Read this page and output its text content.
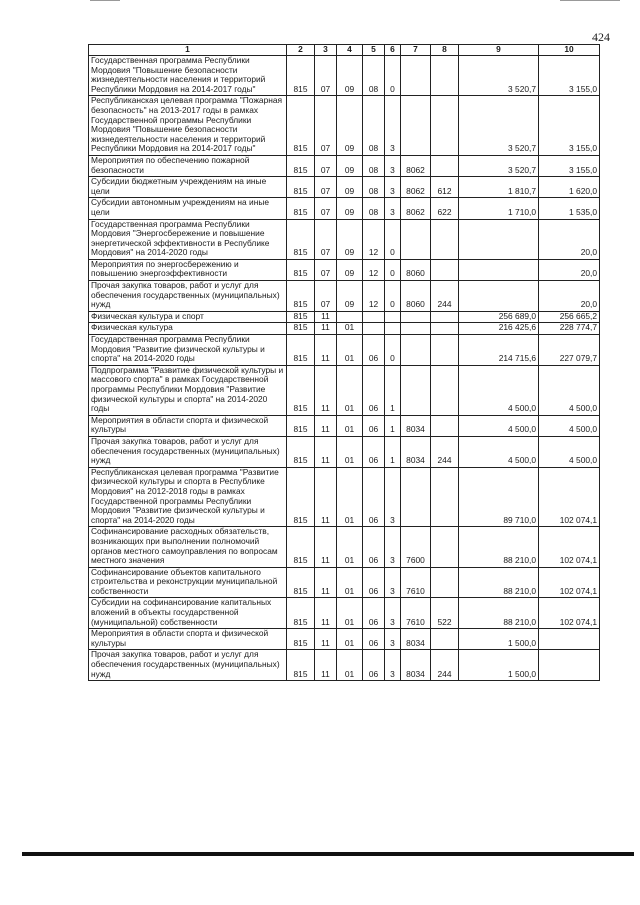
424
1	2	3	4	5	6	7	8	9	10
Государственная программа Республики Мордовия "Повышение безопасности жизнедеятельности населения и территорий Республики Мордовия на 2014-2017 годы"	815	07	09	08	0			3 520,7	3 155,0
Республиканская целевая программа "Пожарная безопасность" на 2013-2017 годы в рамках Государственной программы Республики Мордовия "Повышение безопасности жизнедеятельности населения и территорий Республики Мордовия на 2014-2017 годы"	815	07	09	08	3			3 520,7	3 155,0
Мероприятия по обеспечению пожарной безопасности	815	07	09	08	3	8062		3 520,7	3 155,0
Субсидии бюджетным учреждениям на иные цели	815	07	09	08	3	8062	612	1 810,7	1 620,0
Субсидии автономным учреждениям на иные цели	815	07	09	08	3	8062	622	1 710,0	1 535,0
Государственная программа Республики Мордовия "Энергосбережение и повышение энергетической эффективности в Республике Мордовия" на 2014-2020 годы	815	07	09	12	0				20,0
Мероприятия по энергосбережению и повышению энергоэффективности	815	07	09	12	0	8060			20,0
Прочая закупка товаров, работ и услуг для обеспечения государственных (муниципальных) нужд	815	07	09	12	0	8060	244		20,0
Физическая культура и спорт	815	11						256 689,0	256 665,2
Физическая культура	815	11	01					216 425,6	228 774,7
Государственная программа Республики Мордовия "Развитие физической культуры и спорта" на 2014-2020 годы	815	11	01	06	0			214 715,6	227 079,7
Подпрограмма "Развитие физической культуры и массового спорта" в рамках Государственной программы Республики Мордовия "Развитие физической культуры и спорта" на 2014-2020 годы	815	11	01	06	1			4 500,0	4 500,0
Мероприятия в области спорта и физической культуры	815	11	01	06	1	8034		4 500,0	4 500,0
Прочая закупка товаров, работ и услуг для обеспечения государственных (муниципальных) нужд	815	11	01	06	1	8034	244	4 500,0	4 500,0
Республиканская целевая программа "Развитие физической культуры и спорта в Республике Мордовия" на 2012-2018 годы в рамках Государственной программы Республики Мордовия "Развитие физической культуры и спорта" на 2014-2020 годы	815	11	01	06	3			89 710,0	102 074,1
Софинансирование расходных обязательств, возникающих при выполнении полномочий органов местного самоуправления по вопросам местного значения	815	11	01	06	3	7600		88 210,0	102 074,1
Софинансирование объектов капитального строительства и реконструкции муниципальной собственности	815	11	01	06	3	7610		88 210,0	102 074,1
Субсидии на софинансирование капитальных вложений в объекты государственной (муниципальной) собственности	815	11	01	06	3	7610	522	88 210,0	102 074,1
Мероприятия в области спорта и физической культуры	815	11	01	06	3	8034		1 500,0	
Прочая закупка товаров, работ и услуг для обеспечения государственных (муниципальных) нужд	815	11	01	06	3	8034	244	1 500,0	
